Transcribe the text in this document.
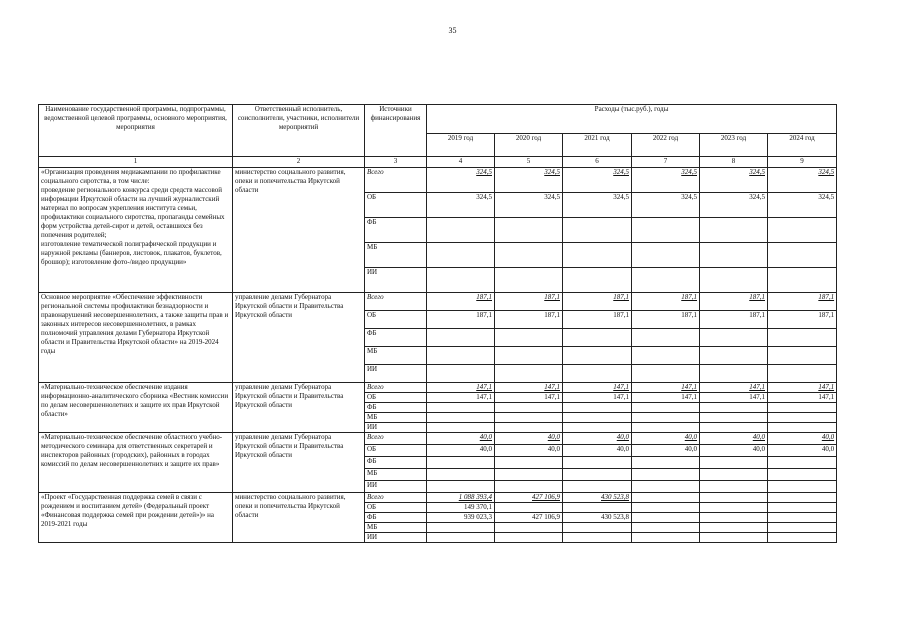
35
Наименование государственной программы, подпрограммы, ведомственной целевой программы, основного мероприятия, мероприятия	Ответственный исполнитель, соисполнители, участники, исполнители мероприятий	Источники финансирования	Расходы (тыс.руб.), годы					
			2019 год	2020 год	2021 год	2022 год	2023 год	2024 год
1	2	3	4	5	6	7	8	9
«Организация проведения медиакампании по профилактике социального сиротства, в том числе:
проведение регионального конкурса среди средств массовой информации Иркутской области на лучший журналистский материал по вопросам укрепления института семьи, профилактики социального сиротства, пропаганды семейных форм устройства детей-сирот и детей, оставшихся без попечения родителей;
изготовление тематической полиграфической продукции и наружной рекламы (баннеров, листовок, плакатов, буклетов, брошюр); изготовление фото-/видео продукции»	министерство социального развития, опеки и попечительства Иркутской области	Всего	324,5	324,5	324,5	324,5	324,5	324,5
		ОБ	324,5	324,5	324,5	324,5	324,5	324,5
		ФБ						
		МБ						
		ИИ						
Основное мероприятие «Обеспечение эффективности региональной системы профилактики безнадзорности и правонарушений несовершеннолетних, а также защиты прав и законных интересов несовершеннолетних, в рамках полномочий управления делами Губернатора Иркутской области и Правительства Иркутской области» на 2019-2024 годы	управление делами Губернатора Иркутской области и Правительства Иркутской области	Всего	187,1	187,1	187,1	187,1	187,1	187,1
		ОБ	187,1	187,1	187,1	187,1	187,1	187,1
		ФБ						
		МБ						
		ИИ						
«Материально-техническое обеспечение издания информационно-аналитического сборника «Вестник комиссии по делам несовершеннолетних и защите их прав Иркутской области»	управление делами Губернатора Иркутской области и Правительства Иркутской области	Всего	147,1	147,1	147,1	147,1	147,1	147,1
		ОБ	147,1	147,1	147,1	147,1	147,1	147,1
		ФБ						
		МБ						
		ИИ						
«Материально-техническое обеспечение областного учебно-методического семинара для ответственных секретарей и инспекторов районных (городских), районных в городах комиссий по делам несовершеннолетних и защите их прав»	управление делами Губернатора Иркутской области и Правительства Иркутской области	Всего	40,0	40,0	40,0	40,0	40,0	40,0
		ОБ	40,0	40,0	40,0	40,0	40,0	40,0
		ФБ						
		МБ						
		ИИ						
«Проект «Государственная поддержка семей в связи с рождением и воспитанием детей» (Федеральный проект «Финансовая поддержка семей при рождении детей»)» на 2019-2021 годы	министерство социального развития, опеки и попечительства Иркутской области	Всего	1 088 393,4	427 106,9	430 523,8			
		ОБ	149 370,1					
		ФБ	939 023,3	427 106,9	430 523,8			
		МБ						
		ИИ						
